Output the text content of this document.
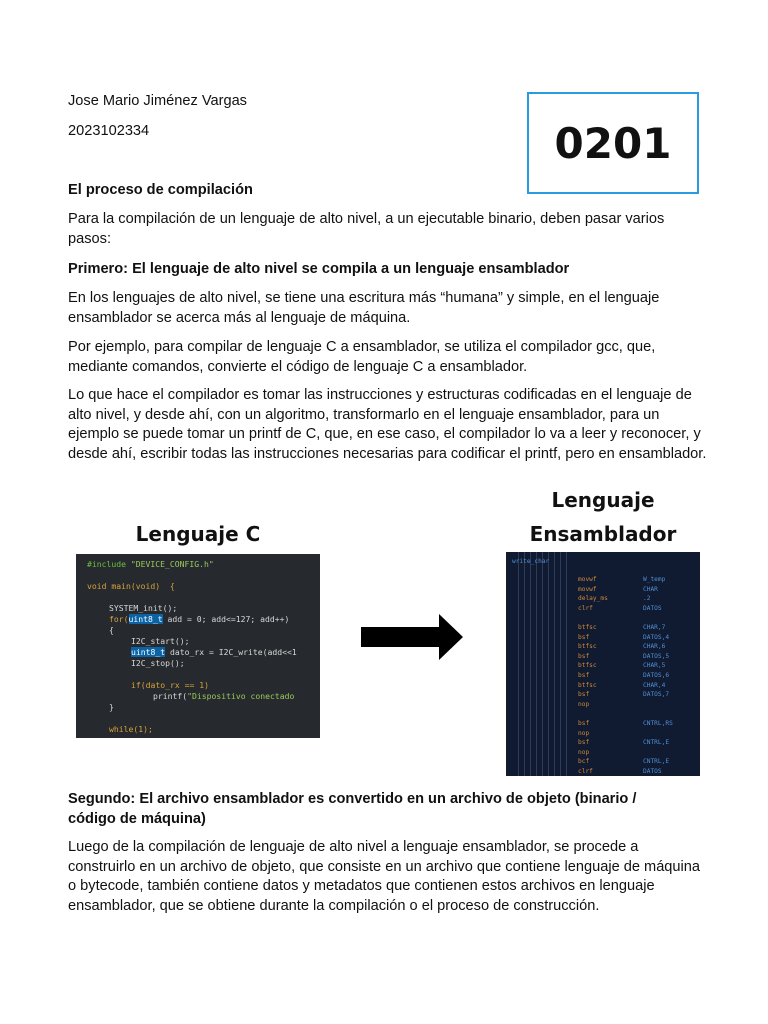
Jose Mario Jiménez Vargas
2023102334	0201
El proceso de compilación

Para la compilación de un lenguaje de alto nivel, a un ejecutable binario, deben pasar varios pasos:

Primero: El lenguaje de alto nivel se compila a un lenguaje ensamblador

En los lenguajes de alto nivel, se tiene una escritura más “humana” y simple, en el lenguaje ensamblador se acerca más al lenguaje de máquina.

Por ejemplo, para compilar de lenguaje C a ensamblador, se utiliza el compilador gcc, que, mediante comandos, convierte el código de lenguaje C a ensamblador.

Lo que hace el compilador es tomar las instrucciones y estructuras codificadas en el lenguaje de alto nivel, y desde ahí, con un algoritmo, transformarlo en el lenguaje ensamblador, para un ejemplo se puede tomar un printf de C, que, en ese caso, el compilador lo va a leer y reconocer, y desde ahí, escribir todas las instrucciones necesarias para codificar el printf, pero en ensamblador.

Lenguaje C
Lenguaje
Ensamblador
#include "DEVICE_CONFIG.h"
void main(void)  {
SYSTEM_init();
for(uint8_t add = 0; add<=127; add++)
{
I2C_start();
uint8_t dato_rx = I2C_write(add<<1
I2C_stop();
if(dato_rx == 1)
printf("Dispositivo conectado
}
while(1);
write_char
movwf	W_temp
movwf	CHAR
delay_ms	.2
clrf	DATOS
btfsc	CHAR,7
bsf	DATOS,4
btfsc	CHAR,6
bsf	DATOS,5
btfsc	CHAR,5
bsf	DATOS,6
btfsc	CHAR,4
bsf	DATOS,7
nop
bsf	CNTRL,RS
nop
bsf	CNTRL,E
nop
bcf	CNTRL,E
clrf	DATOS
Segundo: El archivo ensamblador es convertido en un archivo de objeto (binario / código de máquina)

Luego de la compilación de lenguaje de alto nivel a lenguaje ensamblador, se procede a construirlo en un archivo de objeto, que consiste en un archivo que contiene lenguaje de máquina o bytecode, también contiene datos y metadatos que contienen estos archivos en lenguaje ensamblador, que se obtiene durante la compilación o el proceso de construcción.
